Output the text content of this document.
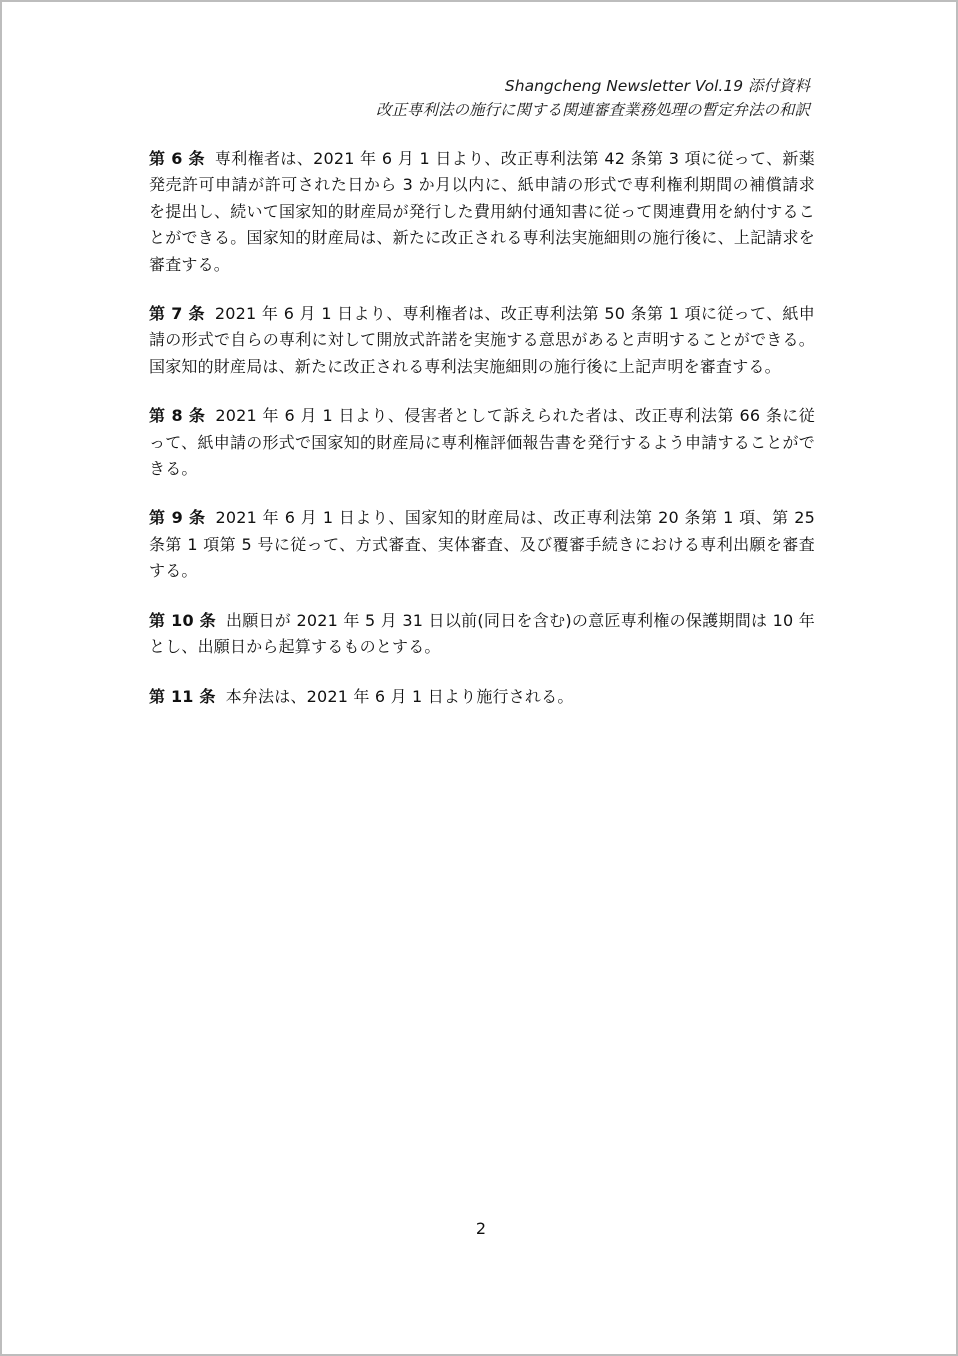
Shangcheng Newsletter Vol.19 添付資料
改正専利法の施行に関する関連審査業務処理の暫定弁法の和訳

第 6 条 専利権者は、2021 年 6 月 1 日より、改正専利法第 42 条第 3 項に従って、新薬発売許可申請が許可された日から 3 か月以内に、紙申請の形式で専利権利期間の補償請求を提出し、続いて国家知的財産局が発行した費用納付通知書に従って関連費用を納付することができる。国家知的財産局は、新たに改正される専利法実施細則の施行後に、上記請求を審査する。

第 7 条 2021 年 6 月 1 日より、専利権者は、改正専利法第 50 条第 1 項に従って、紙申請の形式で自らの専利に対して開放式許諾を実施する意思があると声明することができる。国家知的財産局は、新たに改正される専利法実施細則の施行後に上記声明を審査する。

第 8 条 2021 年 6 月 1 日より、侵害者として訴えられた者は、改正専利法第 66 条に従って、紙申請の形式で国家知的財産局に専利権評価報告書を発行するよう申請することができる。

第 9 条 2021 年 6 月 1 日より、国家知的財産局は、改正専利法第 20 条第 1 項、第 25 条第 1 項第 5 号に従って、方式審査、実体審査、及び覆審手続きにおける専利出願を審査する。

第 10 条 出願日が 2021 年 5 月 31 日以前(同日を含む)の意匠専利権の保護期間は 10 年とし、出願日から起算するものとする。

第 11 条 本弁法は、2021 年 6 月 1 日より施行される。

2
